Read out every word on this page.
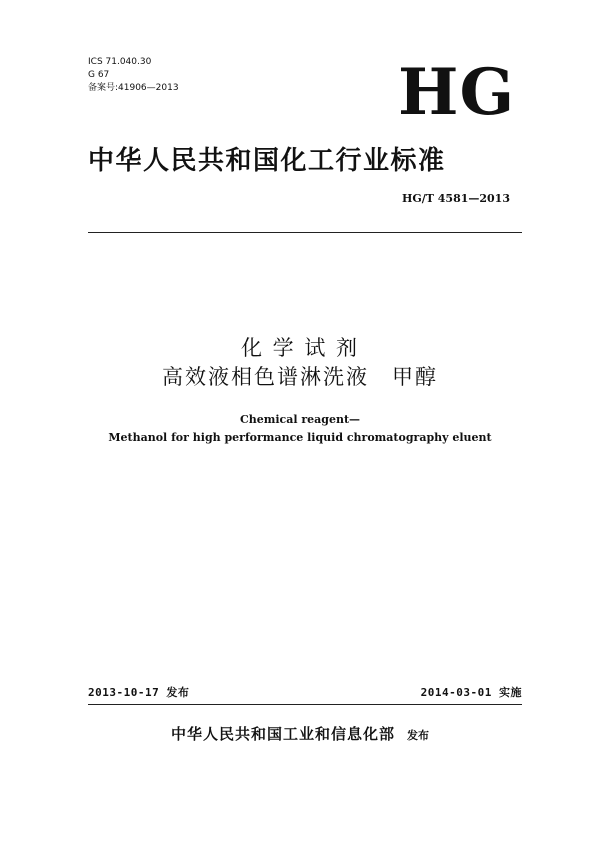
ICS 71.040.30
G 67
备案号:41906—2013	HG
中华人民共和国化工行业标准
HG/T 4581—2013
化 学 试 剂
高效液相色谱淋洗液　甲醇
Chemical reagent—
Methanol for high performance liquid chromatography eluent
2013-10-17 发布	2014-03-01 实施
中华人民共和国工业和信息化部 发布
